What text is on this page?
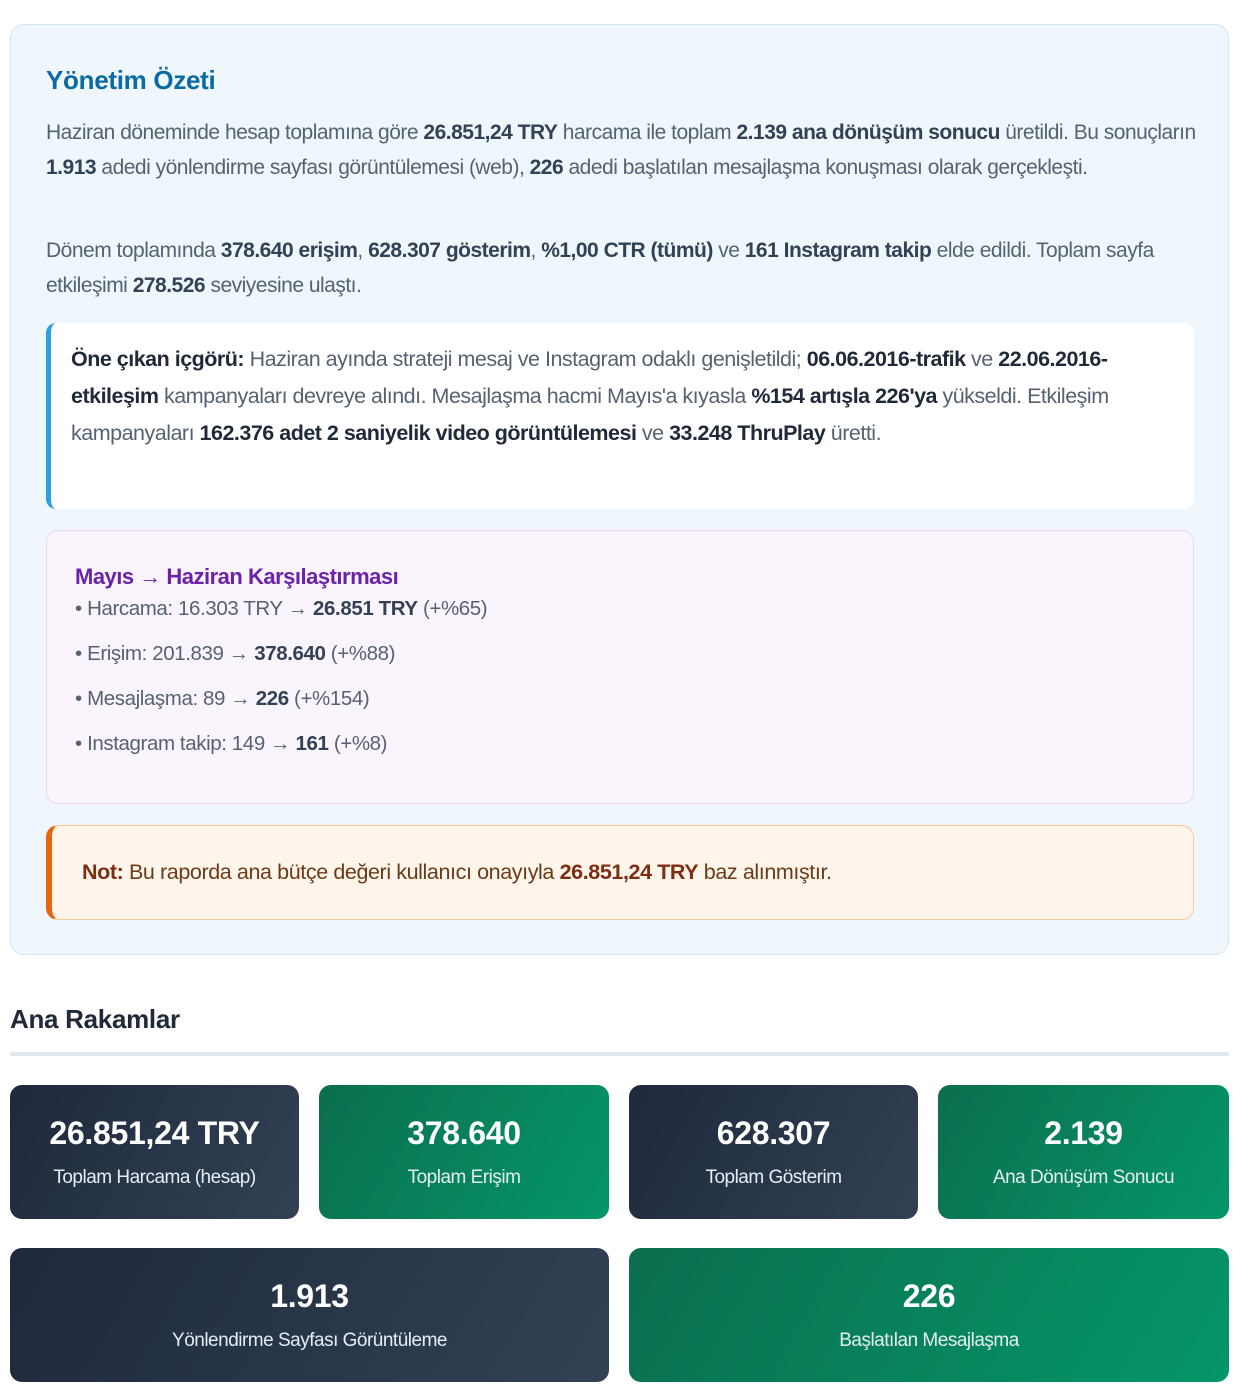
Yönetim Özeti

Haziran döneminde hesap toplamına göre 26.851,24 TRY harcama ile toplam 2.139 ana dönüşüm sonucu üretildi. Bu sonuçların 1.913 adedi yönlendirme sayfası görüntülemesi (web), 226 adedi başlatılan mesajlaşma konuşması olarak gerçekleşti.

Dönem toplamında 378.640 erişim, 628.307 gösterim, %1,00 CTR (tümü) ve 161 Instagram takip elde edildi. Toplam sayfa etkileşimi 278.526 seviyesine ulaştı.

Öne çıkan içgörü: Haziran ayında strateji mesaj ve Instagram odaklı genişletildi; 06.06.2016-trafik ve 22.06.2016-etkileşim kampanyaları devreye alındı. Mesajlaşma hacmi Mayıs'a kıyasla %154 artışla 226'ya yükseldi. Etkileşim kampanyaları 162.376 adet 2 saniyelik video görüntülemesi ve 33.248 ThruPlay üretti.
Mayıs → Haziran Karşılaştırması
• Harcama: 16.303 TRY → 26.851 TRY (+%65)
• Erişim: 201.839 → 378.640 (+%88)
• Mesajlaşma: 89 → 226 (+%154)
• Instagram takip: 149 → 161 (+%8)
Not: Bu raporda ana bütçe değeri kullanıcı onayıyla 26.851,24 TRY baz alınmıştır.
Ana Rakamlar
26.851,24 TRY
Toplam Harcama (hesap)
378.640
Toplam Erişim
628.307
Toplam Gösterim
2.139
Ana Dönüşüm Sonucu
1.913
Yönlendirme Sayfası Görüntüleme
226
Başlatılan Mesajlaşma
